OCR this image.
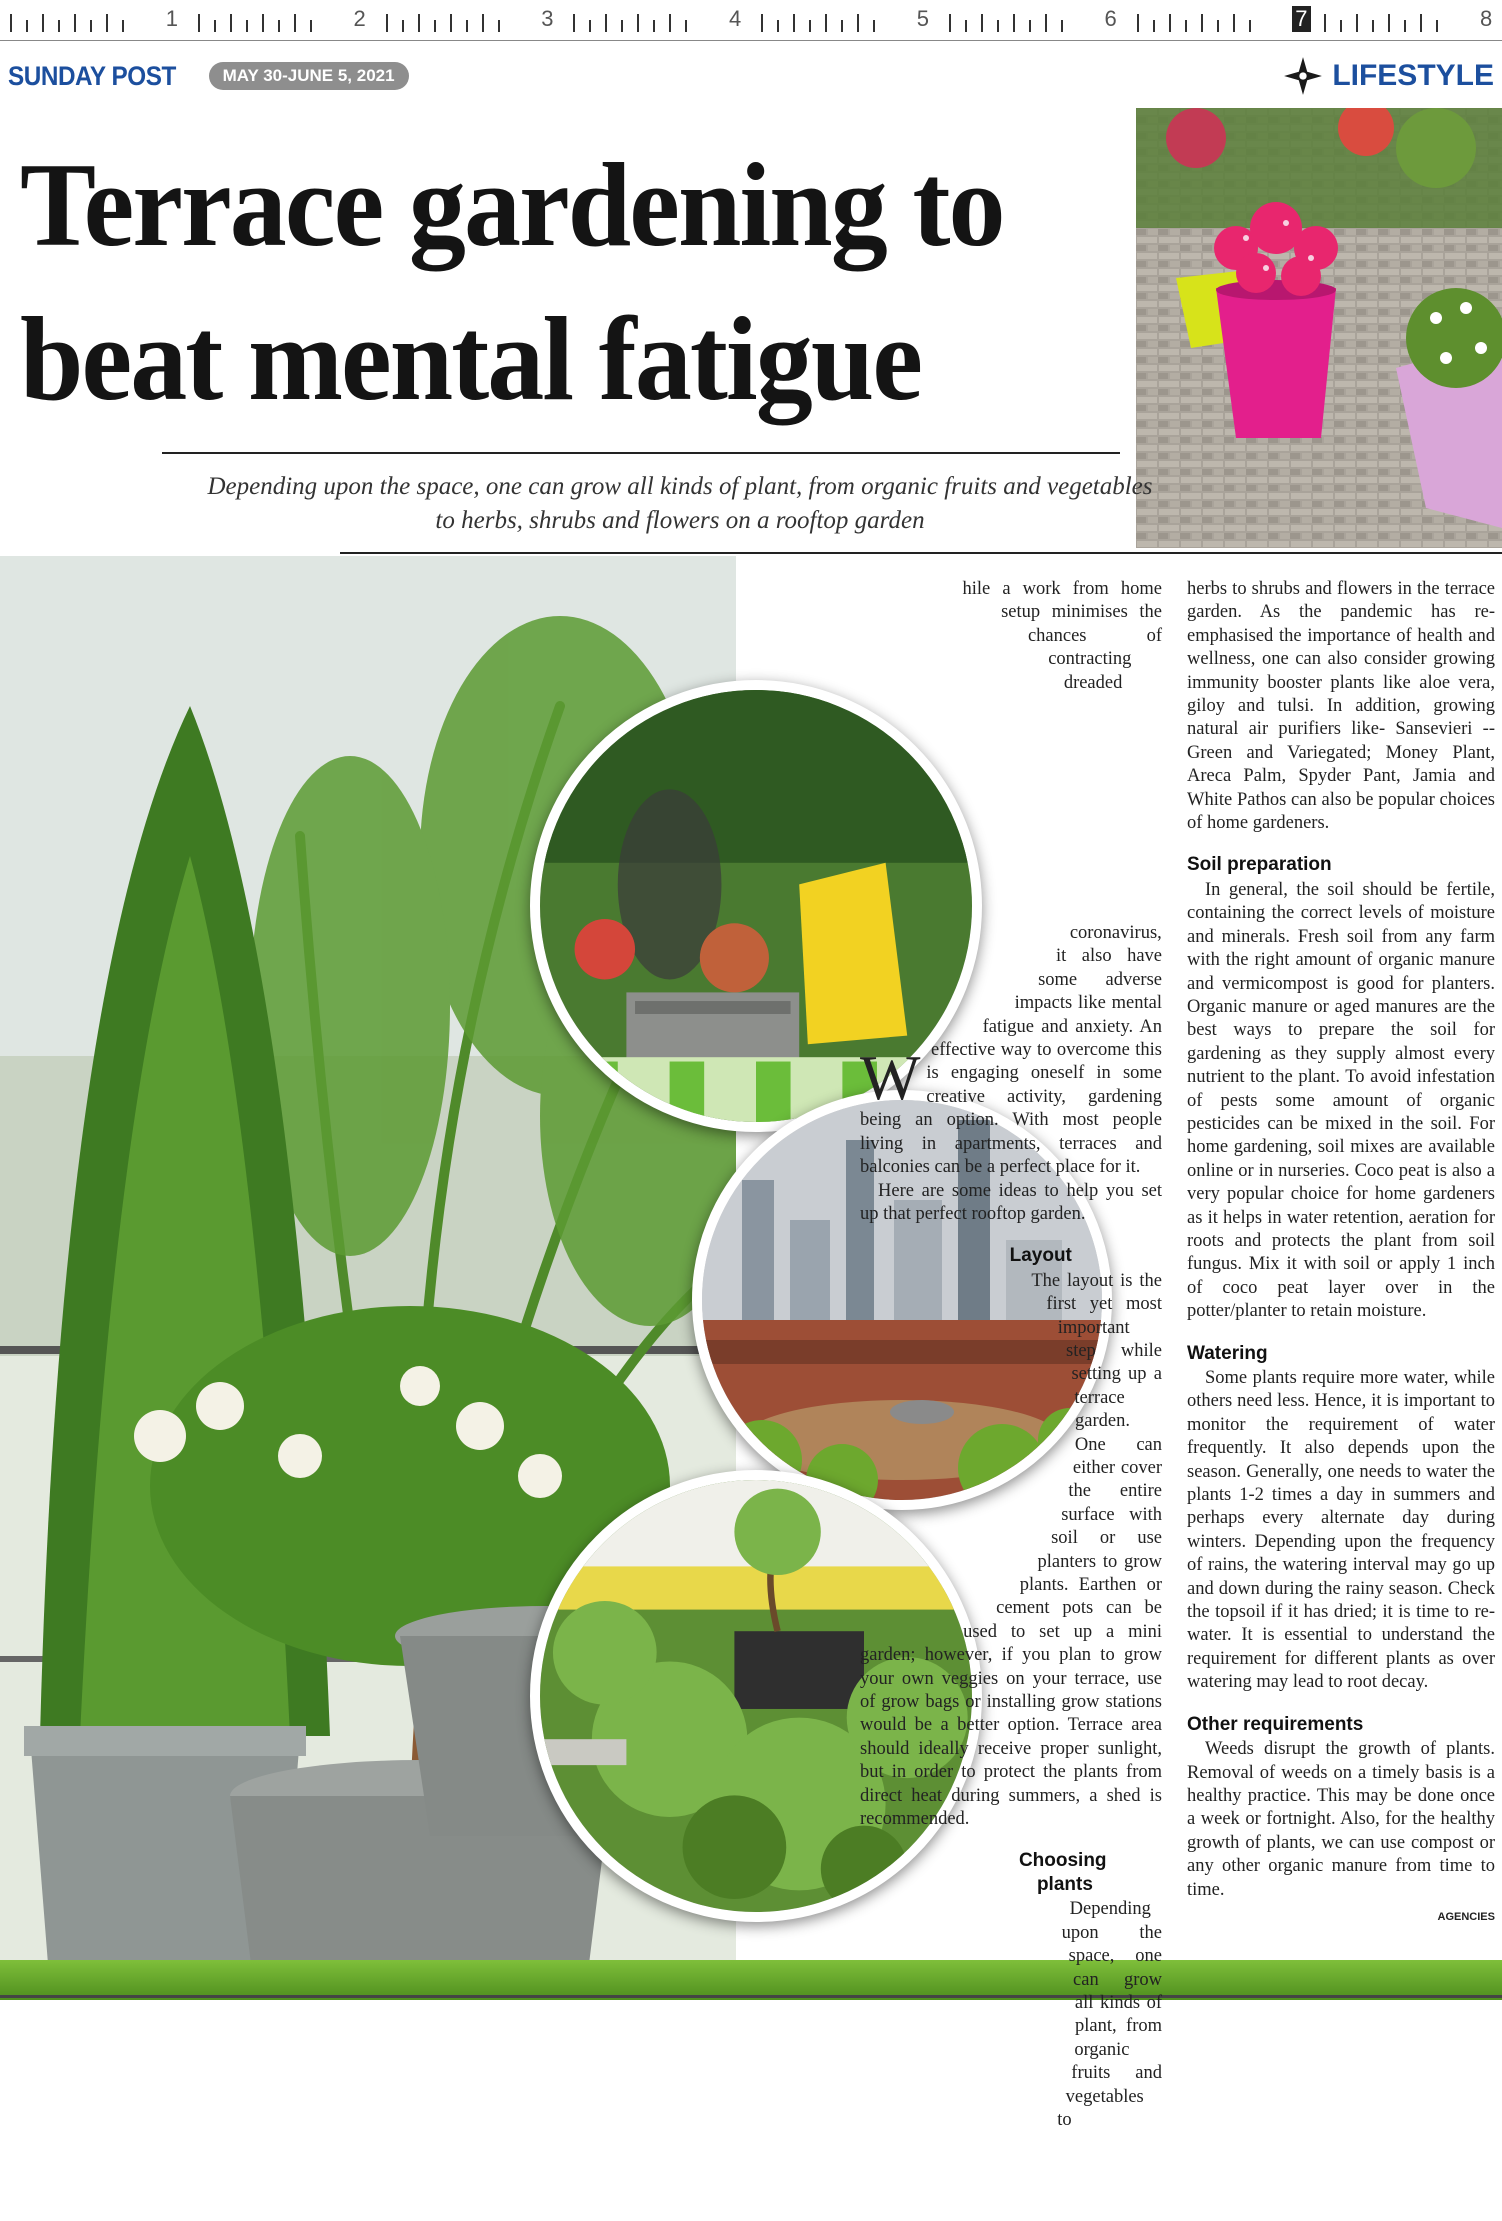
1	2	3	4	5	6	7	8
SUNDAY POST	MAY 30-JUNE 5, 2021	LIFESTYLE
Terrace gardening to
beat mental fatigue
Depending upon the space, one can grow all kinds of plant, from organic fruits and vegetables to herbs, shrubs and flowers on a rooftop garden

W
hile a work from home setup minimises the chances of contracting dreaded coronavirus, it also have some adverse impacts like mental fatigue and anxiety. An effective way to overcome this is engaging oneself in some creative activity, gardening being an option. With most people living in apartments, terraces and balconies can be a perfect place for it.

Here are some ideas to help you set up that perfect rooftop garden.

Layout

The layout is the first yet most important step while setting up a terrace garden. One can either cover the entire surface with soil or use planters to grow plants. Earthen or cement pots can be used to set up a mini garden; however, if you plan to grow your own veggies on your terrace, use of grow bags or installing grow stations would be a better option. Terrace area should ideally receive proper sunlight, but in order to protect the plants from direct heat during summers, a shed is recommended.

Choosing plants

Depending upon the space, one can grow all kinds of plant, from organic fruits and vegetables to

herbs to shrubs and flowers in the terrace garden. As the pandemic has re-emphasised the importance of health and wellness, one can also consider growing immunity booster plants like aloe vera, giloy and tulsi. In addition, growing natural air purifiers like- Sansevieri -- Green and Variegated; Money Plant, Areca Palm, Spyder Pant, Jamia and White Pathos can also be popular choices of home gardeners.

Soil preparation

In general, the soil should be fertile, containing the correct levels of moisture and minerals. Fresh soil from any farm with the right amount of organic manure and vermicompost is good for planters. Organic manure or aged manures are the best ways to prepare the soil for gardening as they supply almost every nutrient to the plant. To avoid infestation of pests some amount of organic pesticides can be mixed in the soil. For home gardening, soil mixes are available online or in nurseries. Coco peat is also a very popular choice for home gardeners as it helps in water retention, aeration for roots and protects the plant from soil fungus. Mix it with soil or apply 1 inch of coco peat layer over in the potter/planter to retain moisture.

Watering

Some plants require more water, while others need less. Hence, it is important to monitor the requirement of water frequently. It also depends upon the season. Generally, one needs to water the plants 1-2 times a day in summers and perhaps every alternate day during winters. Depending upon the frequency of rains, the watering interval may go up and down during the rainy season. Check the topsoil if it has dried; it is time to re-water. It is essential to understand the requirement for different plants as over watering may lead to root decay.

Other requirements

Weeds disrupt the growth of plants. Removal of weeds on a timely basis is a healthy practice. This may be done once a week or fortnight. Also, for the healthy growth of plants, we can use compost or any other organic manure from time to time.

AGENCIES
